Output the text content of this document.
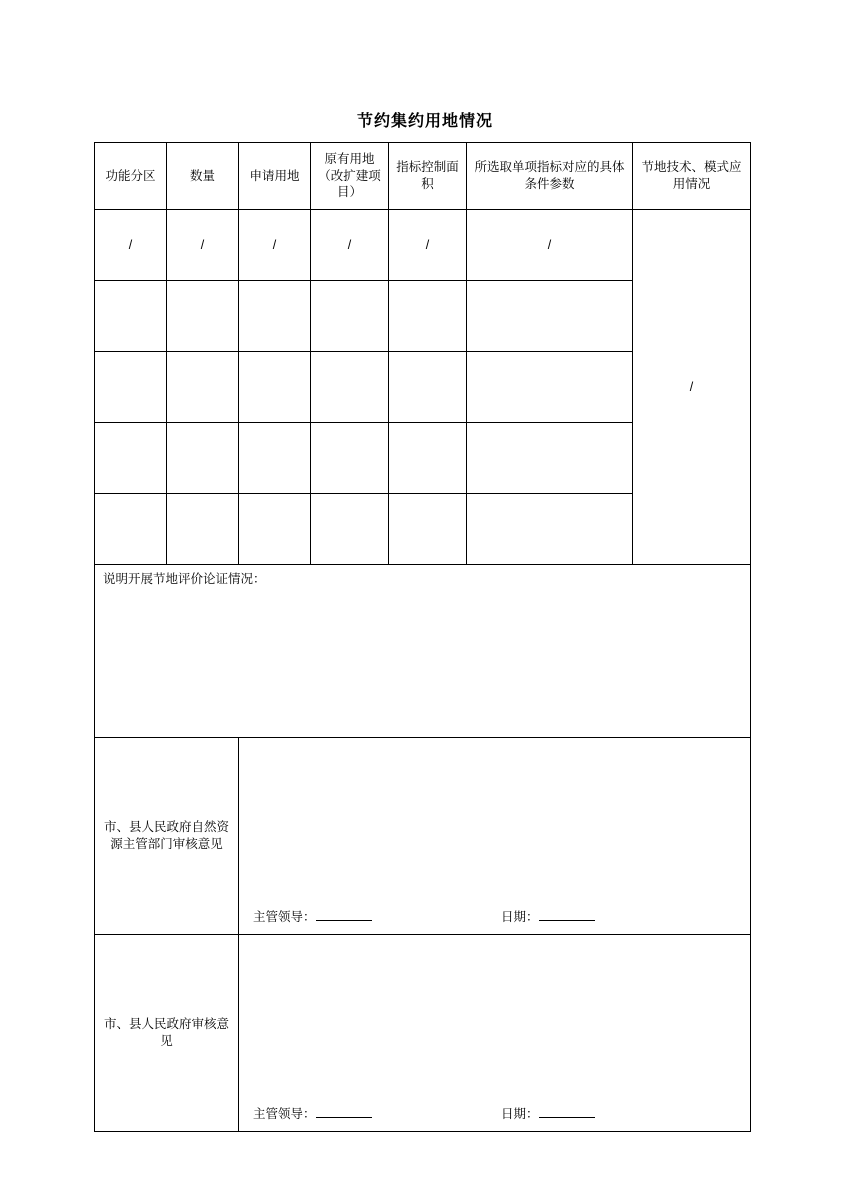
节约集约用地情况
功能分区	数量	申请用地	原有用地（改扩建项目）	指标控制面积	所选取单项指标对应的具体条件参数	节地技术、模式应用情况
/	/	/	/	/	/	/

说明开展节地评价论证情况：						

市、县人民政府自然资源主管部门审核意见		主管领导： 日期：				

市、县人民政府审核意见		主管领导： 日期：				
